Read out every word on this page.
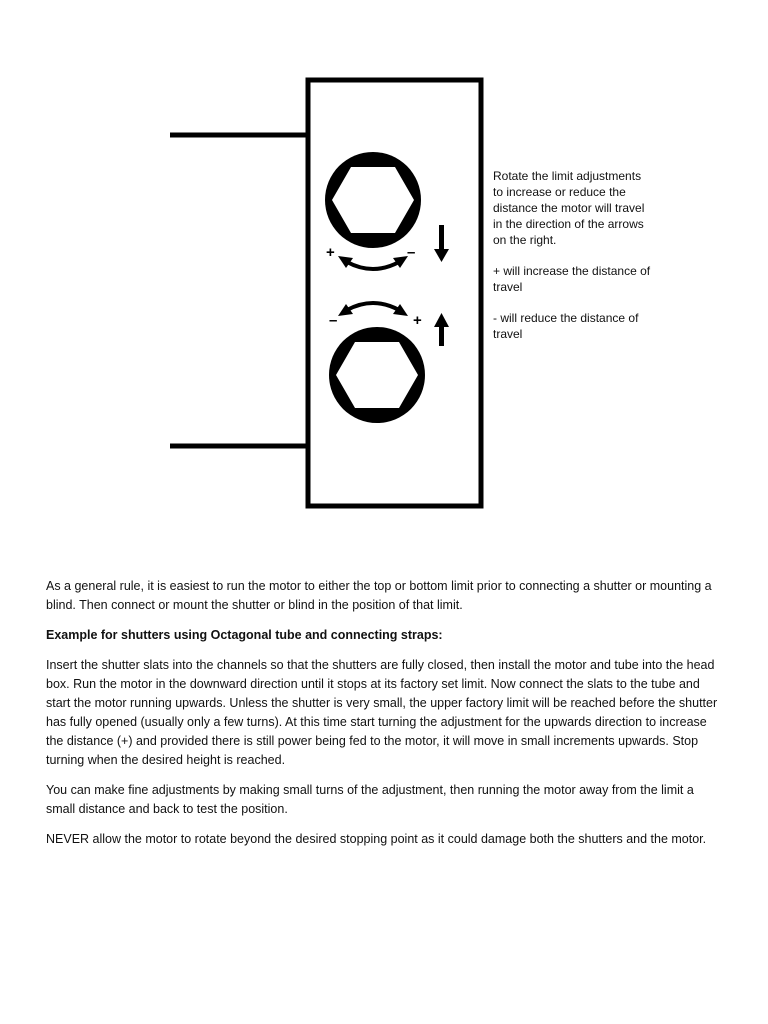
+	–
–	+

Rotate the limit adjustments to increase or reduce the distance the motor will travel in the direction of the arrows on the right.

+ will increase the distance of travel

- will reduce the distance of travel

As a general rule, it is easiest to run the motor to either the top or bottom limit prior to connecting a shutter or mounting a blind. Then connect or mount the shutter or blind in the position of that limit.

Example for shutters using Octagonal tube and connecting straps:

Insert the shutter slats into the channels so that the shutters are fully closed, then install the motor and tube into the head box. Run the motor in the downward direction until it stops at its factory set limit. Now connect the slats to the tube and start the motor running upwards. Unless the shutter is very small, the upper factory limit will be reached before the shutter has fully opened (usually only a few turns). At this time start turning the adjustment for the upwards direction to increase the distance (+) and provided there is still power being fed to the motor, it will move in small increments upwards. Stop turning when the desired height is reached.

You can make fine adjustments by making small turns of the adjustment, then running the motor away from the limit a small distance and back to test the position.

NEVER allow the motor to rotate beyond the desired stopping point as it could damage both the shutters and the motor.
